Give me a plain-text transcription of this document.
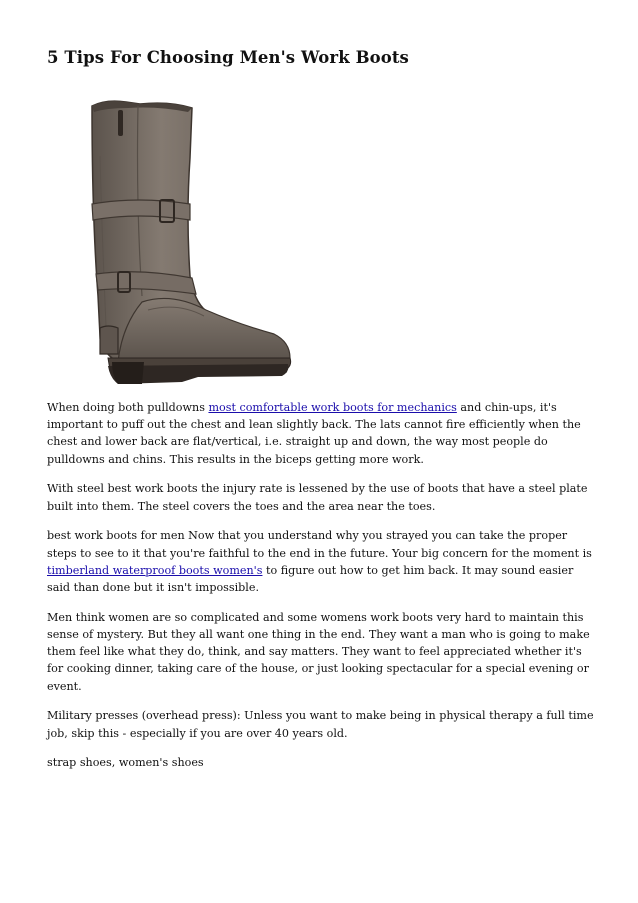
5 Tips For Choosing Men's Work Boots

When doing both pulldowns most comfortable work boots for mechanics and chin-ups, it's important to puff out the chest and lean slightly back. The lats cannot fire efficiently when the chest and lower back are flat/vertical, i.e. straight up and down, the way most people do pulldowns and chins. This results in the biceps getting more work.

With steel best work boots the injury rate is lessened by the use of boots that have a steel plate built into them. The steel covers the toes and the area near the toes.

best work boots for men Now that you understand why you strayed you can take the proper steps to see to it that you're faithful to the end in the future. Your big concern for the moment is timberland waterproof boots women's to figure out how to get him back. It may sound easier said than done but it isn't impossible.

Men think women are so complicated and some womens work boots very hard to maintain this sense of mystery. But they all want one thing in the end. They want a man who is going to make them feel like what they do, think, and say matters. They want to feel appreciated whether it's for cooking dinner, taking care of the house, or just looking spectacular for a special evening or event.

Military presses (overhead press): Unless you want to make being in physical therapy a full time job, skip this - especially if you are over 40 years old.

strap shoes, women's shoes
